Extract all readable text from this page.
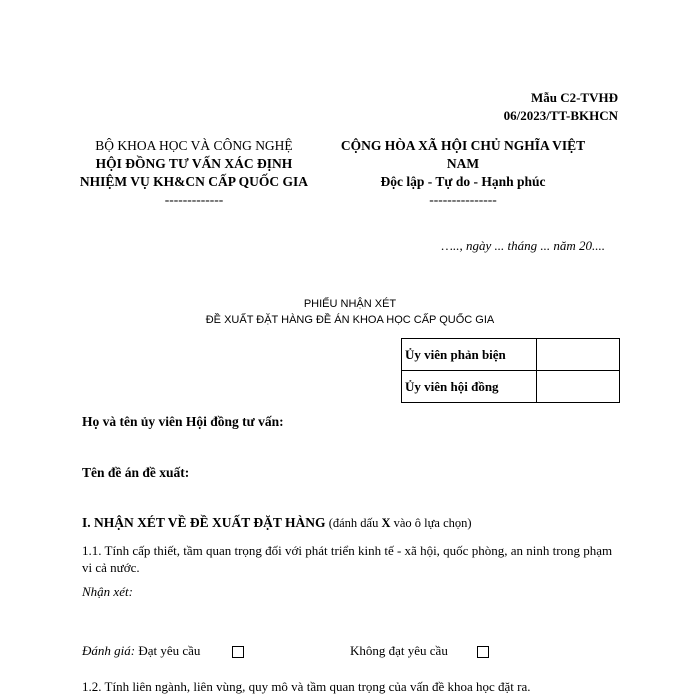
Mẫu C2-TVHĐ
06/2023/TT-BKHCN
BỘ KHOA HỌC VÀ CÔNG NGHỆ
HỘI ĐỒNG TƯ VẤN XÁC ĐỊNH NHIỆM VỤ KH&CN CẤP QUỐC GIA
-------------
CỘNG HÒA XÃ HỘI CHỦ NGHĨA VIỆT NAM
Độc lập - Tự do - Hạnh phúc
---------------
….., ngày ... tháng ... năm 20....
PHIẾU NHẬN XÉT
ĐỀ XUẤT ĐẶT HÀNG ĐỀ ÁN KHOA HỌC CẤP QUỐC GIA
Ủy viên phản biện	
Ủy viên hội đồng	
Họ và tên ủy viên Hội đồng tư vấn:
Tên đề án đề xuất:
I. NHẬN XÉT VỀ ĐỀ XUẤT ĐẶT HÀNG (đánh dấu X vào ô lựa chọn)
1.1. Tính cấp thiết, tầm quan trọng đối với phát triển kinh tế - xã hội, quốc phòng, an ninh trong phạm vi cả nước.
Nhận xét:
Đánh giá: Đạt yêu cầu	Không đạt yêu cầu
1.2. Tính liên ngành, liên vùng, quy mô và tầm quan trọng của vấn đề khoa học đặt ra.
